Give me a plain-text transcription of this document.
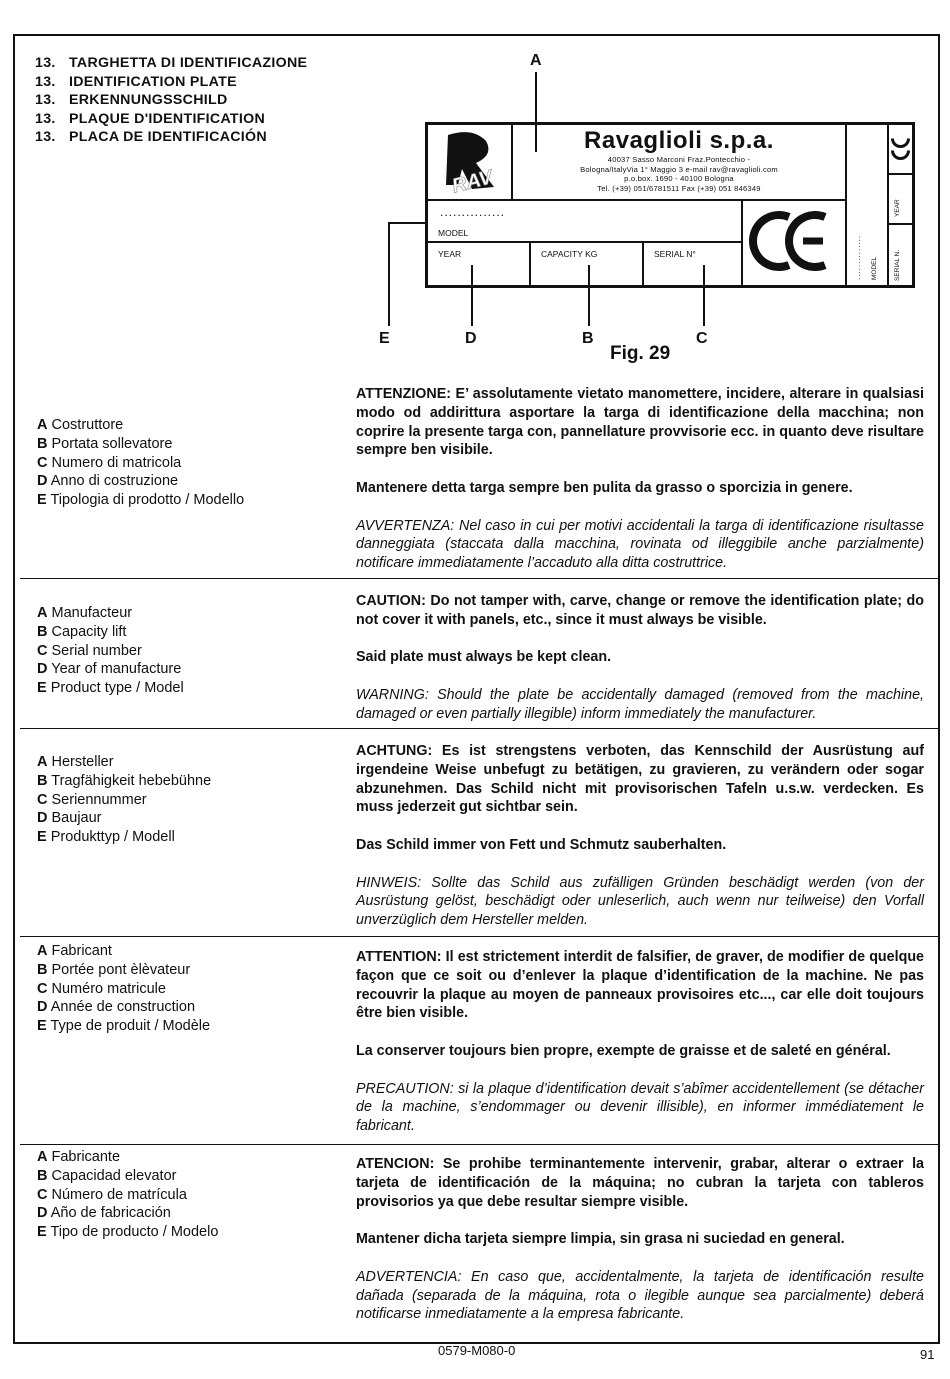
13. TARGHETTA DI IDENTIFICAZIONE
13. IDENTIFICATION PLATE
13. ERKENNUNGSSCHILD
13. PLAQUE D'IDENTIFICATION
13. PLACA DE IDENTIFICACIÓN
A
RAV
Ravaglioli s.p.a.
40037 Sasso Marconi Fraz.Pontecchio -
Bologna/ItalyVia 1° Maggio 3 e-mail rav@ravaglioli.com
p.o.box. 1690 - 40100 Bologna
Tel. (+39) 051/6781511 Fax (+39) 051 846349
...............
MODEL
YEAR	CAPACITY KG	SERIAL N°	.............. MODEL
YEAR
SERIAL N.
E	D	B	C
Fig. 29
A Costruttore
B Portata sollevatore
C Numero di matricola
D Anno di costruzione
E Tipologia di prodotto / Modello

ATTENZIONE: E’ assolutamente vietato manomettere, incidere, alterare in qualsiasi modo od addirittura asportare la targa di identificazione della macchina; non coprire la presente targa con, pannellature provvisorie ecc. in quanto deve risultare sempre ben visibile.

Mantenere detta targa sempre ben pulita da grasso o sporcizia in genere.

AVVERTENZA: Nel caso in cui per motivi accidentali la targa di identificazione risultasse danneggiata (staccata dalla macchina, rovinata od illeggibile anche parzialmente) notificare immediatamente l’accaduto alla ditta costruttrice.

A Manufacteur
B Capacity lift
C Serial number
D Year of manufacture
E Product type / Model

CAUTION: Do not tamper with, carve, change or remove the identification plate; do not cover it with panels, etc., since it must always be visible.

Said plate must always be kept clean.

WARNING: Should the plate be accidentally damaged (removed from the machine, damaged or even partially illegible) inform immediately the manufacturer.

A Hersteller
B Tragfähigkeit hebebühne
C Seriennummer
D Baujaur
E Produkttyp / Modell

ACHTUNG: Es ist strengstens verboten, das Kennschild der Ausrüstung auf irgendeine Weise unbefugt zu betätigen, zu gravieren, zu verändern oder sogar abzunehmen. Das Schild nicht mit provisorischen Tafeln u.s.w. verdecken. Es muss jederzeit gut sichtbar sein.

Das Schild immer von Fett und Schmutz sauberhalten.

HINWEIS: Sollte das Schild aus zufälligen Gründen beschädigt werden (von der Ausrüstung gelöst, beschädigt oder unleserlich, auch wenn nur teilweise) den Vorfall unverzüglich dem Hersteller melden.

A Fabricant
B Portée pont èlèvateur
C Numéro matricule
D Année de construction
E Type de produit / Modèle

ATTENTION: Il est strictement interdit de falsifier, de graver, de modifier de quelque façon que ce soit ou d’enlever la plaque d’identification de la machine. Ne pas recouvrir la plaque au moyen de panneaux provisoires etc..., car elle doit toujours être bien visible.

La conserver toujours bien propre, exempte de graisse et de saleté en général.

PRECAUTION: si la plaque d’identification devait s’abîmer accidentellement (se détacher de la machine, s’endommager ou devenir illisible), en informer immédiatement le fabricant.

A Fabricante
B Capacidad elevator
C Número de matrícula
D Año de fabricación
E Tipo de producto / Modelo

ATENCION: Se prohibe terminantemente intervenir, grabar, alterar o extraer la tarjeta de identificación de la máquina; no cubran la tarjeta con tableros provisorios ya que debe resultar siempre visible.

Mantener dicha tarjeta siempre limpia, sin grasa ni suciedad en general.

ADVERTENCIA: En caso que, accidentalmente, la tarjeta de identificación resulte dañada (separada de la máquina, rota o ilegible aunque sea parcialmente) deberá notificarse inmediatamente a la empresa fabricante.

0579-M080-0	91
